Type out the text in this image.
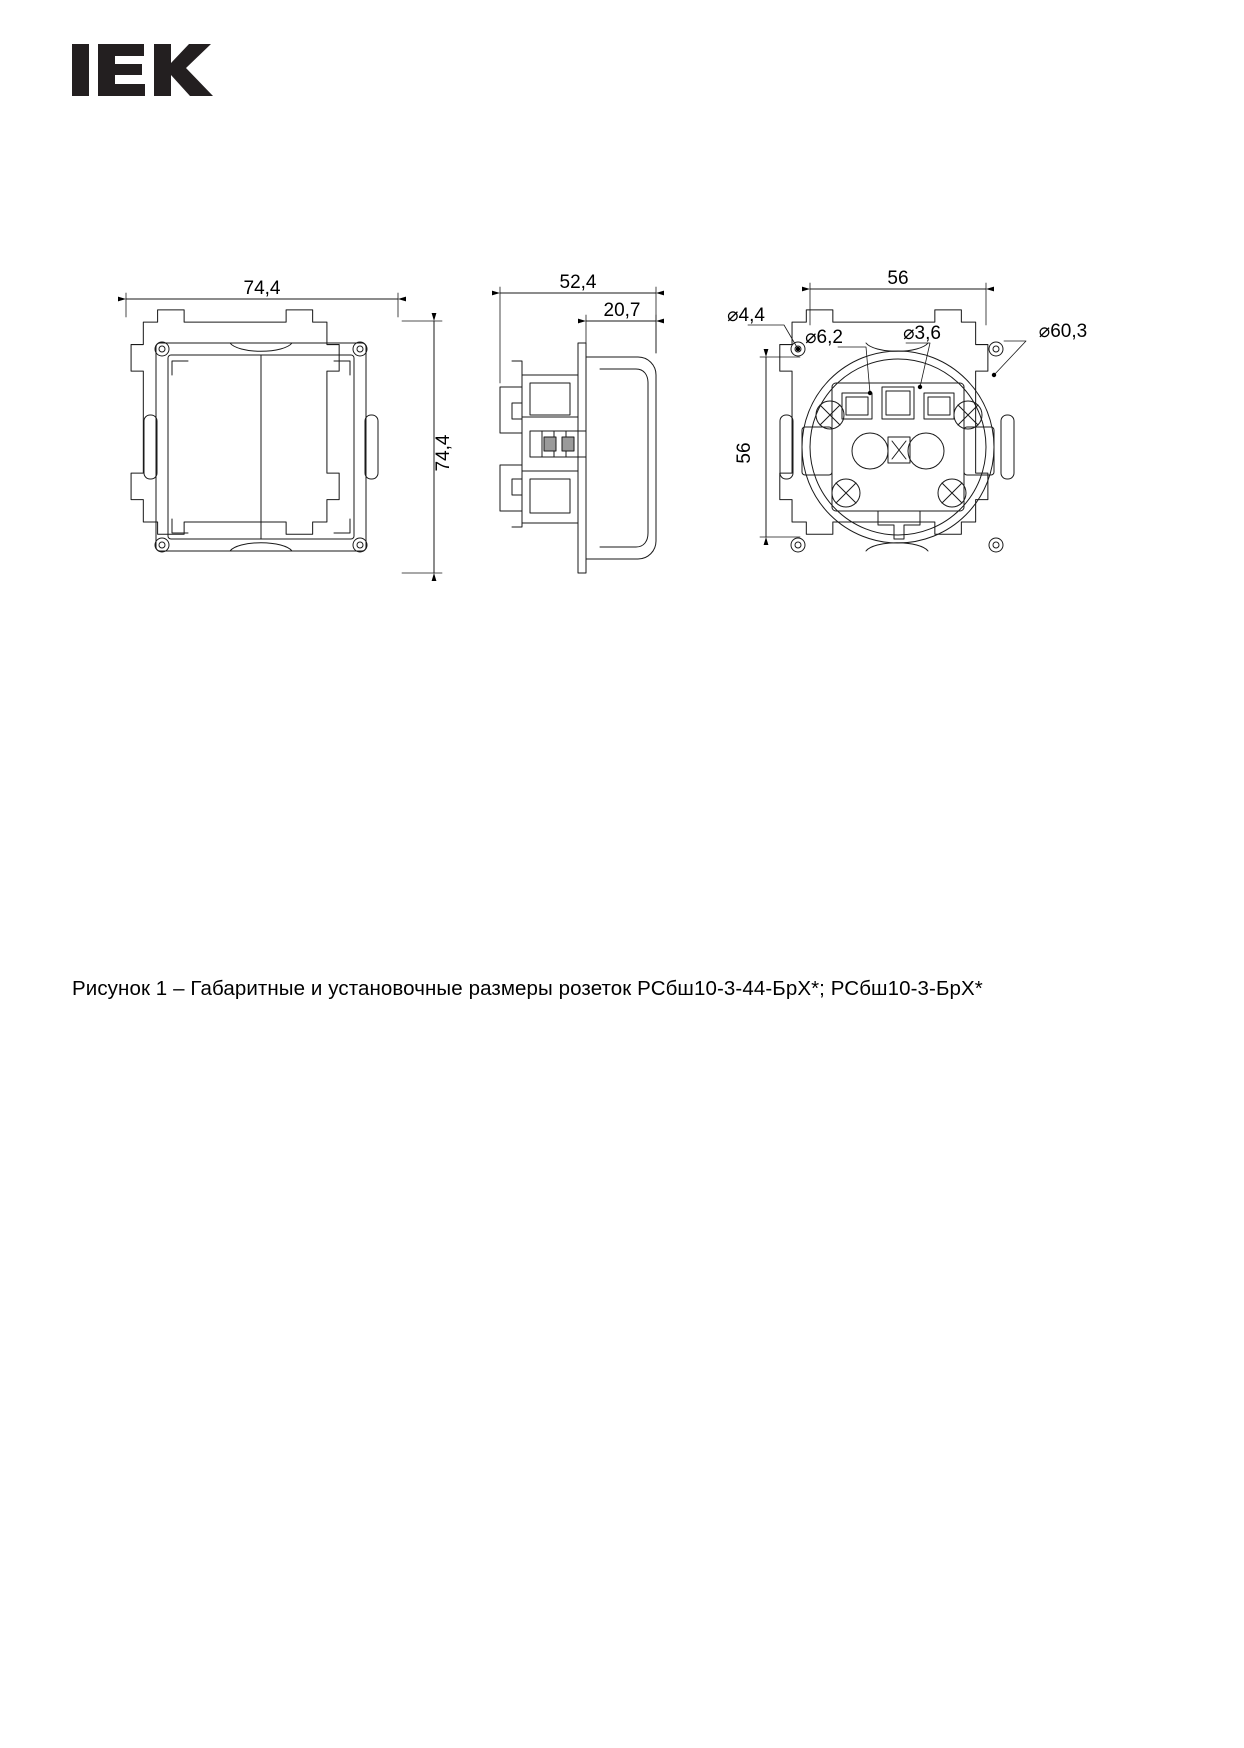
74,4
74,4
52,4
20,7
56
56
⌀4,4
⌀6,2	⌀3,6	⌀60,3
Рисунок 1 – Габаритные и установочные размеры розеток РСбш10-3-44-БрХ*; РСбш10-3-БрХ*
